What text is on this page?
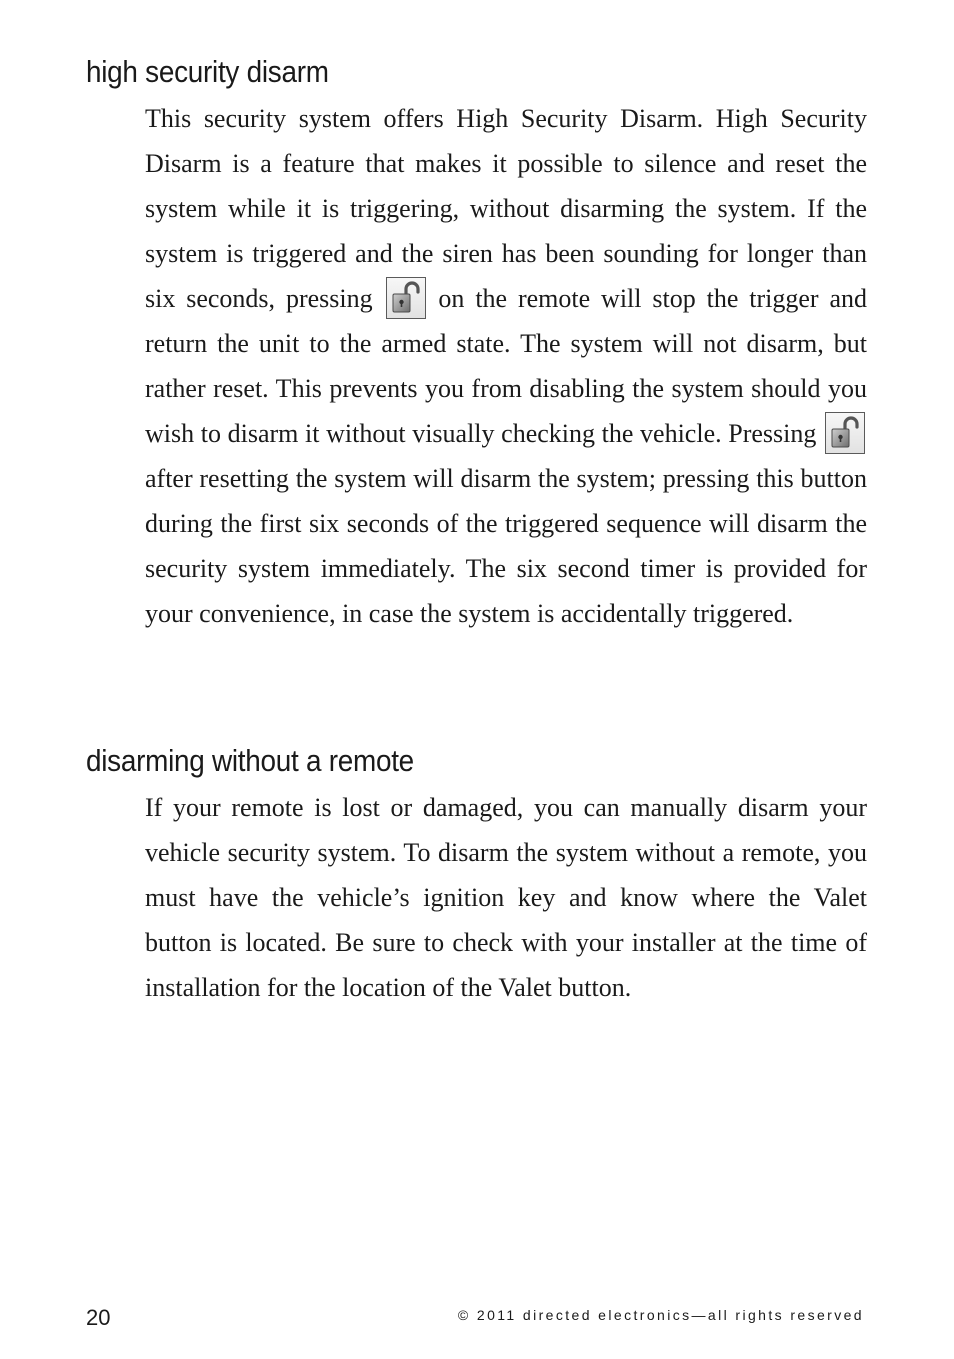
high security disarm

This security system offers High Security Disarm. High Security Disarm is a feature that makes it possible to silence and reset the system while it is triggering, without disarming the system. If the system is triggered and the siren has been sounding for longer than six seconds, pressing	on the remote will stop the trigger and return the unit to the armed state. The system will not disarm, but rather reset. This prevents you from disabling the system should you wish to disarm it without visually checking the vehicle. Pressing
after resetting the system will disarm the system; pressing this button during the first six seconds of the triggered sequence will disarm the security system immediately. The six second timer is provided for your convenience, in case the system is accidentally triggered.

disarming without a remote

If your remote is lost or damaged, you can manually disarm your vehicle security system. To disarm the system without a remote, you must have the vehicle’s ignition key and know where the Valet button is located. Be sure to check with your installer at the time of installation for the location of the Valet button.

20	© 2011 directed electronics—all rights reserved
